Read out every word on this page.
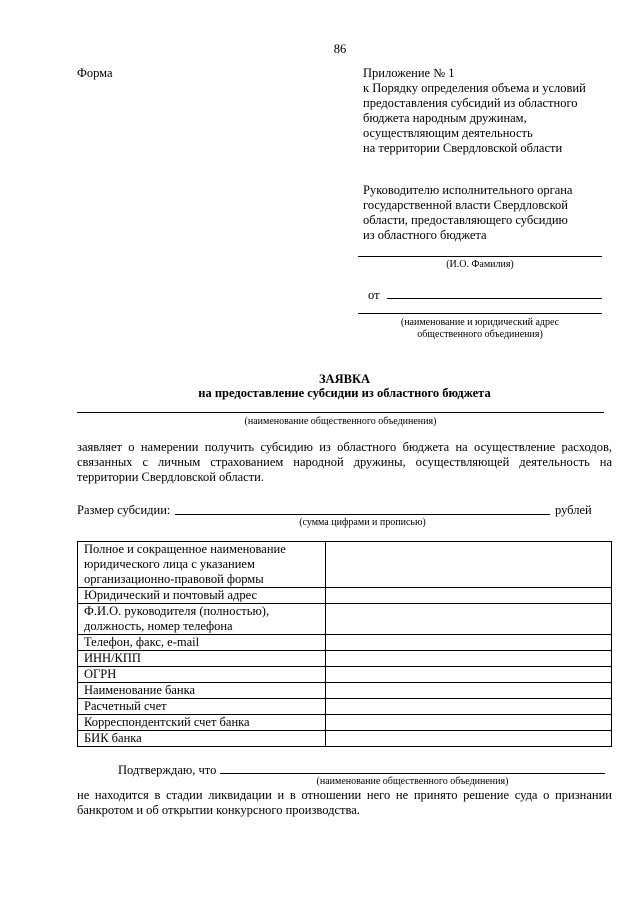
86
Форма	Приложение № 1
к Порядку определения объема и условий
предоставления субсидий из областного
бюджета народным дружинам,
осуществляющим деятельность
на территории Свердловской области
Руководителю исполнительного органа
государственной власти Свердловской
области, предоставляющего субсидию
из областного бюджета
(И.О. Фамилия)
от
(наименование и юридический адрес
общественного объединения)
ЗАЯВКА
на предоставление субсидии из областного бюджета
(наименование общественного объединения)
заявляет о намерении получить субсидию из областного бюджета на осуществление расходов, связанных с личным страхованием народной дружины, осуществляющей деятельность на территории Свердловской области.
Размер субсидии:	рублей
(сумма цифрами и прописью)
Полное и сокращенное наименование юридического лица с указанием организационно-правовой формы	
Юридический и почтовый адрес	
Ф.И.О. руководителя (полностью), должность, номер телефона	
Телефон, факс, e-mail	
ИНН/КПП	
ОГРН	
Наименование банка	
Расчетный счет	
Корреспондентский счет банка	
БИК банка	
Подтверждаю, что
(наименование общественного объединения)
не находится в стадии ликвидации и в отношении него не принято решение суда о признании банкротом и об открытии конкурсного производства.
